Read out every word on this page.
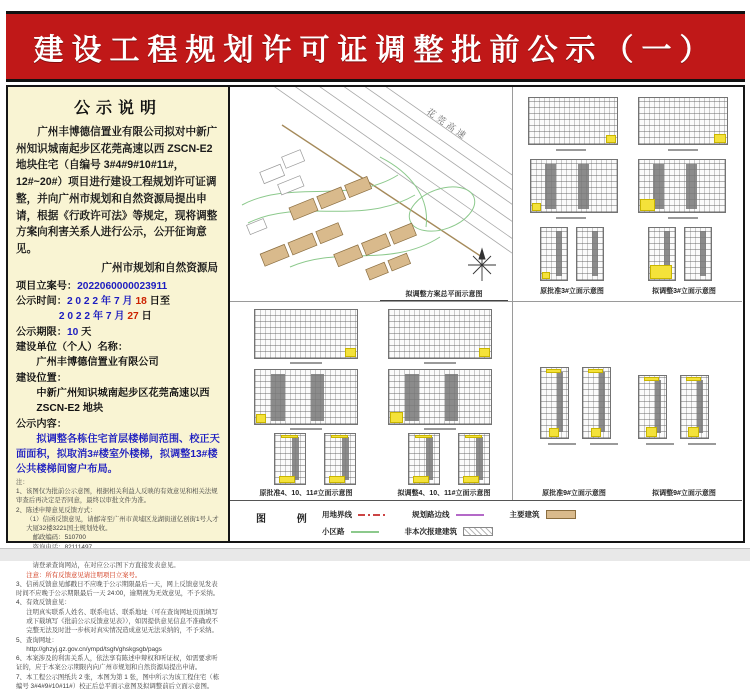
建设工程规划许可证调整批前公示（一）
公示说明

广州丰博德信置业有限公司拟对中新广州知识城南起步区花莞高速以西 ZSCN-E2 地块住宅（自编号 3#4#9#10#11#，12#~20#）项目进行建设工程规划许可证调整，并向广州市规划和自然资源局提出申请，根据《行政许可法》等规定，现将调整方案向利害关系人进行公示，公开征询意见。

广州市规划和自然资源局
项目立案号：2022060000023911
公示时间：2 0 2 2 年 7 月 18 日至
2 0 2 2 年 7 月 27 日
公示期限：10 天
建设单位（个人）名称：
广州丰博德信置业有限公司
建设位置：
中新广州知识城南起步区花莞高速以西 ZSCN-E2 地块
公示内容：

拟调整各栋住宅首层楼梯间范围、校正天面面积，拟取消3#楼室外楼梯，拟调整13#楼公共楼梯间窗户布局。

注：
1、该图仅为批前公示意图，根据相关利益人反映的有效意见和相关法规审查后再决定是否同意，最终以审批文件为准。
2、陈述申辩意见反馈方式：
（1）信函反馈意见，请邮寄至广州市黄埔区龙湖街道亿创街1号人才大厦32楼3221国土规划处收。
邮政编码：510700
请登录查询网站，在对应公示图下方直接发表意见。
注意：所有反馈意见请注明项目立案号。
3、信函反馈意见邮戳日不应晚于公示期限最后一天，网上反馈意见发表时间不应晚于公示期限最后一天 24:00，逾期视为无效意见，不予采纳。
4、有效反馈意见：
注明真实联系人姓名、联系电话、联系地址（可在查询网址页面填写或下载填写《批前公示反馈意见表》），如因提供意见信息不准确或不完整无法及时进一步核对真实情况造成意见无法采纳的，不予采纳。
5、查询网址：
http://ghzyj.gz.gov.cn/ympd/tsgh/ghskgsgb/pags
6、本案涉及的利害关系人，依法享有陈述申辩权和听证权，如需要求听证的，应于本案公示期限内向广州市规划和自然资源局提出申请。
7、本工程公示图纸共 2 张，本图为第 1 张，图中所示为该工程住宅（栋编号 3#4#9#10#11#）校正后总平面示意图及拟调整前后立面示意图。
花莞高速
拟调整方案总平面示意图	原批准3#立面示意图	拟调整3#立面示意图
原批准4、10、11#立面示意图	拟调整4、10、11#立面示意图	原批准9#立面示意图	拟调整9#立面示意图
图 例 用地界线	规划路边线	主要建筑
小区路	非本次报建建筑
